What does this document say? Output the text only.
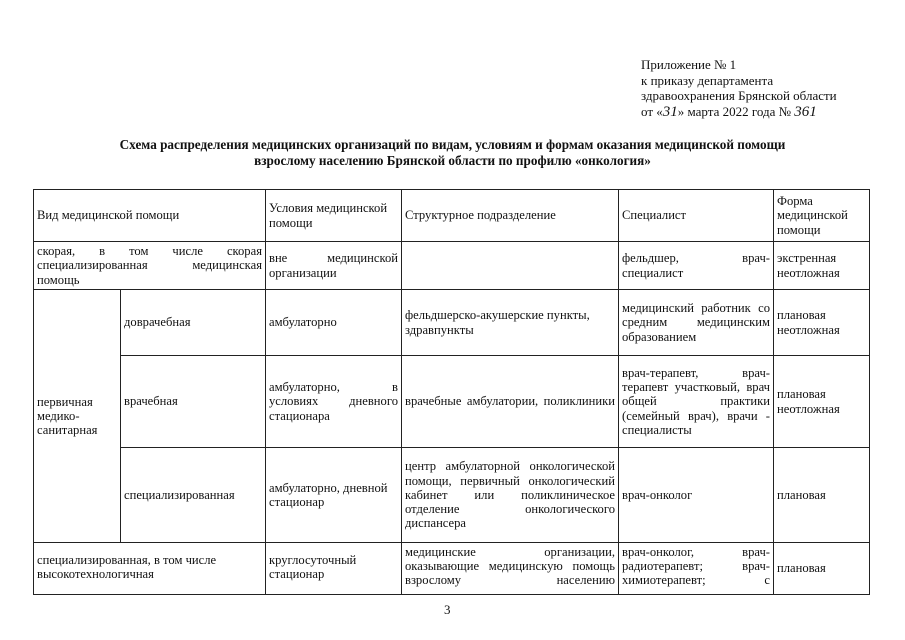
Приложение № 1
к приказу департамента
здравоохранения Брянской области
от «31» марта 2022 года № 361
Схема распределения медицинских организаций по видам, условиям и формам оказания медицинской помощи
взрослому населению Брянской области по профилю «онкология»
Вид медицинской помощи		Условия медицинской помощи	Структурное подразделение	Специалист	Форма медицинской помощи
скорая, в том числе скорая специализированная медицинская помощь		вне медицинской организации		фельдшер, врач-специалист	экстренная неотложная
первичная медико-санитарная	доврачебная	амбулаторно	фельдшерско-акушерские пункты, здравпункты	медицинский работник со средним медицинским образованием	плановая неотложная
	врачебная	амбулаторно, в условиях дневного стационара	врачебные амбулатории, поликлиники	врач-терапевт, врач-терапевт участковый, врач общей практики (семейный врач), врачи - специалисты	плановая неотложная
	специализированная	амбулаторно, дневной стационар	центр амбулаторной онкологической помощи, первичный онкологический кабинет или поликлиническое отделение онкологического диспансера	врач-онколог	плановая
специализированная, в том числе высокотехнологичная		круглосуточный стационар	медицинские организации, оказывающие медицинскую помощь взрослому населению	врач-онколог, врач-радиотерапевт; врач-химиотерапевт; с	плановая
3
